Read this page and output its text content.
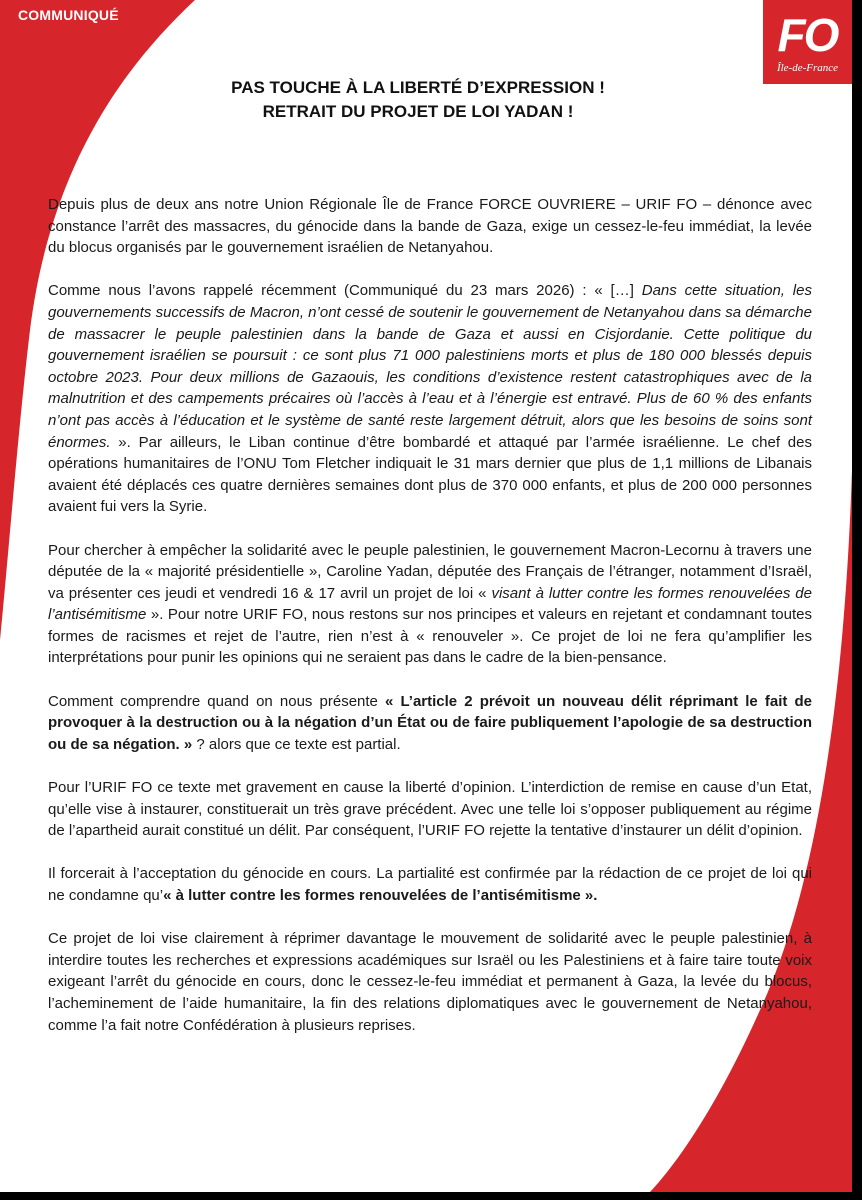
COMMUNIQUÉ	FO
Île-de-France
PAS TOUCHE À LA LIBERTÉ D’EXPRESSION !
RETRAIT DU PROJET DE LOI YADAN !

Depuis plus de deux ans notre Union Régionale Île de France FORCE OUVRIERE – URIF FO – dénonce avec constance l’arrêt des massacres, du génocide dans la bande de Gaza, exige un cessez-le-feu immédiat, la levée du blocus organisés par le gouvernement israélien de Netanyahou.

Comme nous l’avons rappelé récemment (Communiqué du 23 mars 2026) : « […] Dans cette situation, les gouvernements successifs de Macron, n’ont cessé de soutenir le gouvernement de Netanyahou dans sa démarche de massacrer le peuple palestinien dans la bande de Gaza et aussi en Cisjordanie. Cette politique du gouvernement israélien se poursuit : ce sont plus 71 000 palestiniens morts et plus de 180 000 blessés depuis octobre 2023. Pour deux millions de Gazaouis, les conditions d’existence restent catastrophiques avec de la malnutrition et des campements précaires où l’accès à l’eau et à l’énergie est entravé. Plus de 60 % des enfants n’ont pas accès à l’éducation et le système de santé reste largement détruit, alors que les besoins de soins sont énormes. ». Par ailleurs, le Liban continue d’être bombardé et attaqué par l’armée israélienne. Le chef des opérations humanitaires de l’ONU Tom Fletcher indiquait le 31 mars dernier que plus de 1,1 millions de Libanais avaient été déplacés ces quatre dernières semaines dont plus de 370 000 enfants, et plus de 200 000 personnes avaient fui vers la Syrie.

Pour chercher à empêcher la solidarité avec le peuple palestinien, le gouvernement Macron-Lecornu à travers une députée de la « majorité présidentielle », Caroline Yadan, députée des Français de l’étranger, notamment d’Israël, va présenter ces jeudi et vendredi 16 & 17 avril un projet de loi « visant à lutter contre les formes renouvelées de l’antisémitisme ». Pour notre URIF FO, nous restons sur nos principes et valeurs en rejetant et condamnant toutes formes de racismes et rejet de l’autre, rien n’est à « renouveler ». Ce projet de loi ne fera qu’amplifier les interprétations pour punir les opinions qui ne seraient pas dans le cadre de la bien-pensance.

Comment comprendre quand on nous présente « L’article 2 prévoit un nouveau délit réprimant le fait de provoquer à la destruction ou à la négation d’un État ou de faire publiquement l’apologie de sa destruction ou de sa négation. » ? alors que ce texte est partial.

Pour l’URIF FO ce texte met gravement en cause la liberté d’opinion. L’interdiction de remise en cause d’un Etat, qu’elle vise à instaurer, constituerait un très grave précédent. Avec une telle loi s’opposer publiquement au régime de l’apartheid aurait constitué un délit. Par conséquent, l’URIF FO rejette la tentative d’instaurer un délit d’opinion.

Il forcerait à l’acceptation du génocide en cours. La partialité est confirmée par la rédaction de ce projet de loi qui ne condamne qu’« à lutter contre les formes renouvelées de l’antisémitisme ».

Ce projet de loi vise clairement à réprimer davantage le mouvement de solidarité avec le peuple palestinien, à interdire toutes les recherches et expressions académiques sur Israël ou les Palestiniens et à faire taire toute voix exigeant l’arrêt du génocide en cours, donc le cessez-le-feu immédiat et permanent à Gaza, la levée du blocus, l’acheminement de l’aide humanitaire, la fin des relations diplomatiques avec le gouvernement de Netanyahou, comme l’a fait notre Confédération à plusieurs reprises.
